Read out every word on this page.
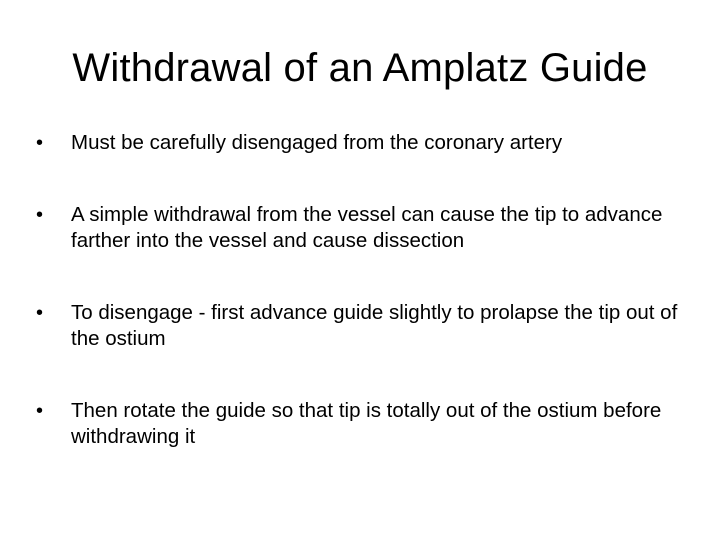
Withdrawal of an Amplatz Guide
•	Must be carefully disengaged from the coronary artery
•	A simple withdrawal from the vessel can cause the tip to advance farther into the vessel and cause dissection
•	To disengage - first advance guide slightly to prolapse the tip out of the ostium
•	Then rotate the guide so that tip is totally out of the ostium before withdrawing it
